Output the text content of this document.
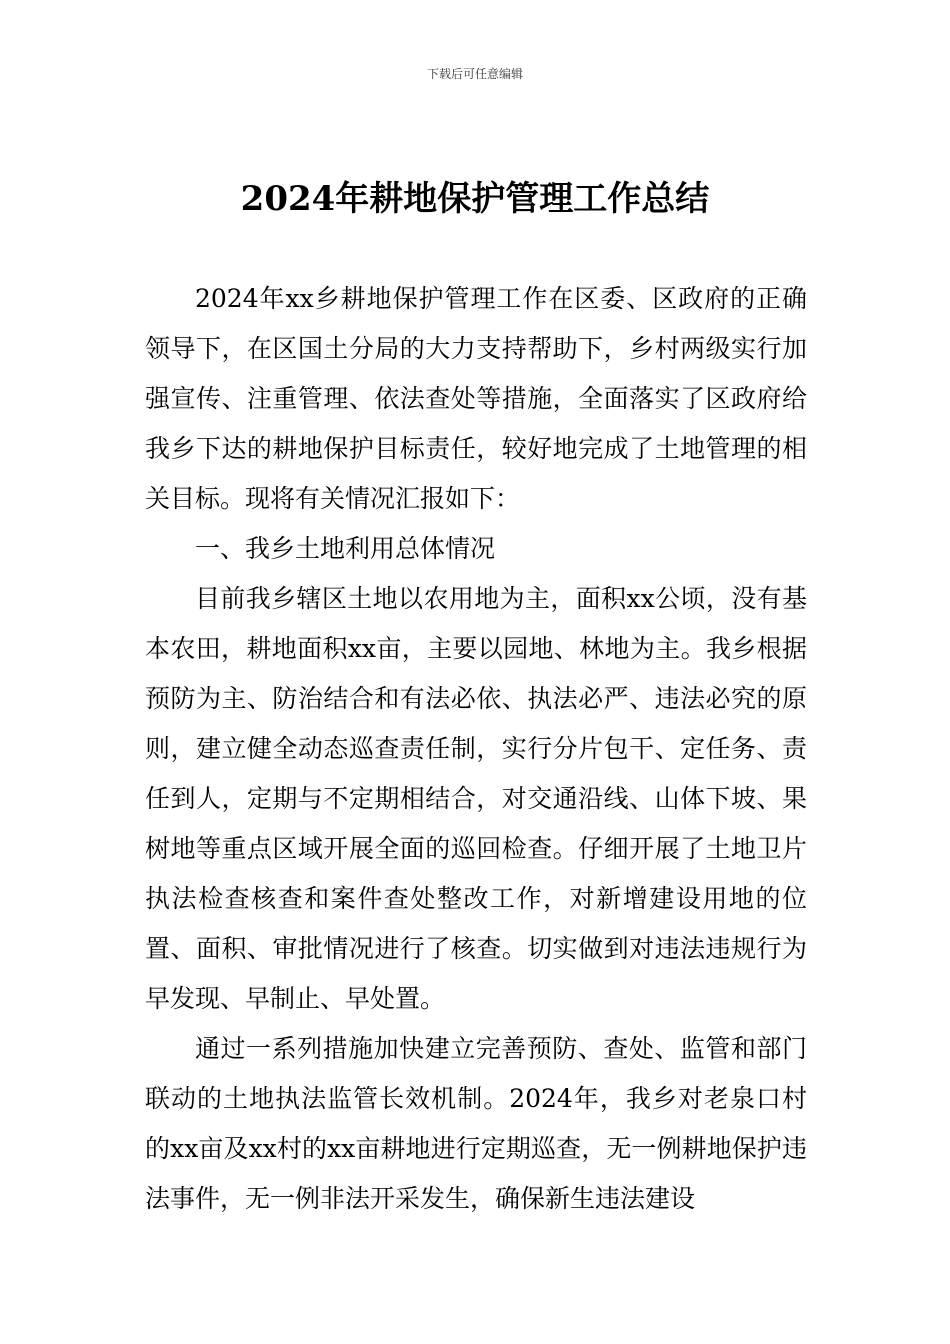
下载后可任意编辑
2024年耕地保护管理工作总结

2024年xx乡耕地保护管理工作在区委、区政府的正确领导下，在区国土分局的大力支持帮助下，乡村两级实行加强宣传、注重管理、依法查处等措施，全面落实了区政府给我乡下达的耕地保护目标责任，较好地完成了土地管理的相关目标。现将有关情况汇报如下：

一、我乡土地利用总体情况

目前我乡辖区土地以农用地为主，面积xx公顷，没有基本农田，耕地面积xx亩，主要以园地、林地为主。我乡根据预防为主、防治结合和有法必依、执法必严、违法必究的原则，建立健全动态巡查责任制，实行分片包干、定任务、责任到人，定期与不定期相结合，对交通沿线、山体下坡、果树地等重点区域开展全面的巡回检查。仔细开展了土地卫片执法检查核查和案件查处整改工作，对新增建设用地的位置、面积、审批情况进行了核查。切实做到对违法违规行为早发现、早制止、早处置。

通过一系列措施加快建立完善预防、查处、监管和部门联动的土地执法监管长效机制。2024年，我乡对老泉口村的xx亩及xx村的xx亩耕地进行定期巡查，无一例耕地保护违法事件，无一例非法开采发生，确保新生违法建设
